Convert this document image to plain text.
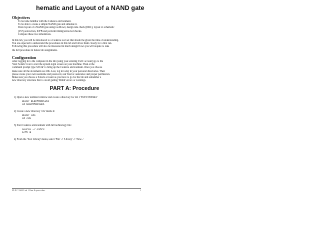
hematic and Layout of a NAND gate
Objectives
To become familiar with the Cadence environment.
To be able to create a simple NAND gate and simulate it.
Draw layout of a NAND gate using toolflows; design rule check (DRC), layout vs schematic
(LVS) extraction, ICFB and perform timing/extracted checks.
Compare these two simulations.
In this lab, you will be introduced to a Cadence tool set that should be given the time of understanding.
You are expected to understand the procedures in this lab and follow them closely for a first run.
Following this procedure will also be interested in much design flows you will require to take
the full procedure in future lab assignments.
Configuration
After logging in to the computer in the lab (using your existing UofC account) go to the
'Start Solaris' icon to start the system login screen on your machine. Then at the
command prompt type 'icfb &' to bring up the Cadence environment. Once you choose
make sure all the documents are OK. Last, log in today in your personal directories. Then
please create your own username and password, ask TAs for assistance and proper permission.
Make sure you choose a Solaris account as you have to go for the lab and remember a
new directory structure first to avoid getting 'libInit' errors or warnings.
PART A: Procedure
1) Open a new terminal window and create a directory for lab 1 'ELEC5500lab1'
mkdir ELEC5500lab1
cd ELEC5500lab1
2) Create a new directory 'cds' inside it:
mkdir cds
cd cds
3) Start Cadence environment with full technology file:
source ~/.cshrc
icfb &
4) From the 'Tool Library' menu, select 'File' -> 'Library' -> 'New...'
ELEC 5500 Lab 1 Run & procedure	1
